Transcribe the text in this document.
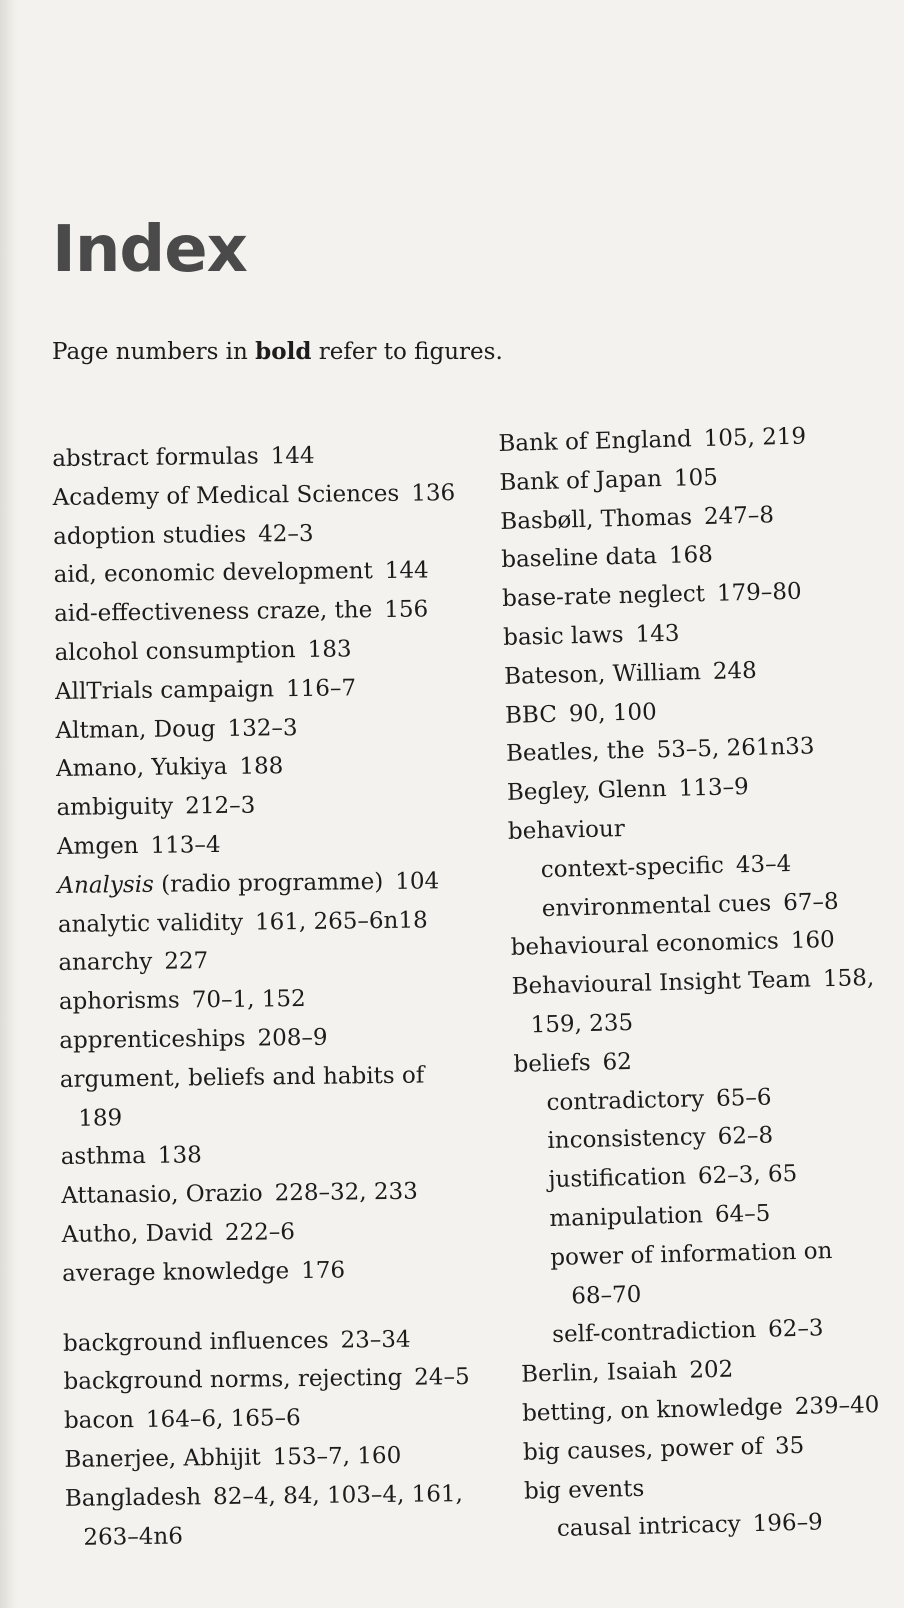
Index
Page numbers in bold refer to figures.
abstract formulas 144
Academy of Medical Sciences 136
adoption studies 42–3
aid, economic development 144
aid-effectiveness craze, the 156
alcohol consumption 183
AllTrials campaign 116–7
Altman, Doug 132–3
Amano, Yukiya 188
ambiguity 212–3
Amgen 113–4
Analysis (radio programme) 104
analytic validity 161, 265–6n18
anarchy 227
aphorisms 70–1, 152
apprenticeships 208–9
argument, beliefs and habits of
189
asthma 138
Attanasio, Orazio 228–32, 233
Autho, David 222–6
average knowledge 176
background influences 23–34
background norms, rejecting 24–5
bacon 164–6, 165–6
Banerjee, Abhijit 153–7, 160
Bangladesh 82–4, 84, 103–4, 161,
263–4n6
Bank of England 105, 219
Bank of Japan 105
Basbøll, Thomas 247–8
baseline data 168
base-rate neglect 179–80
basic laws 143
Bateson, William 248
BBC 90, 100
Beatles, the 53–5, 261n33
Begley, Glenn 113–9
behaviour
context-specific 43–4
environmental cues 67–8
behavioural economics 160
Behavioural Insight Team 158,
159, 235
beliefs 62
contradictory 65–6
inconsistency 62–8
justification 62–3, 65
manipulation 64–5
power of information on
68–70
self-contradiction 62–3
Berlin, Isaiah 202
betting, on knowledge 239–40
big causes, power of 35
big events
causal intricacy 196–9
